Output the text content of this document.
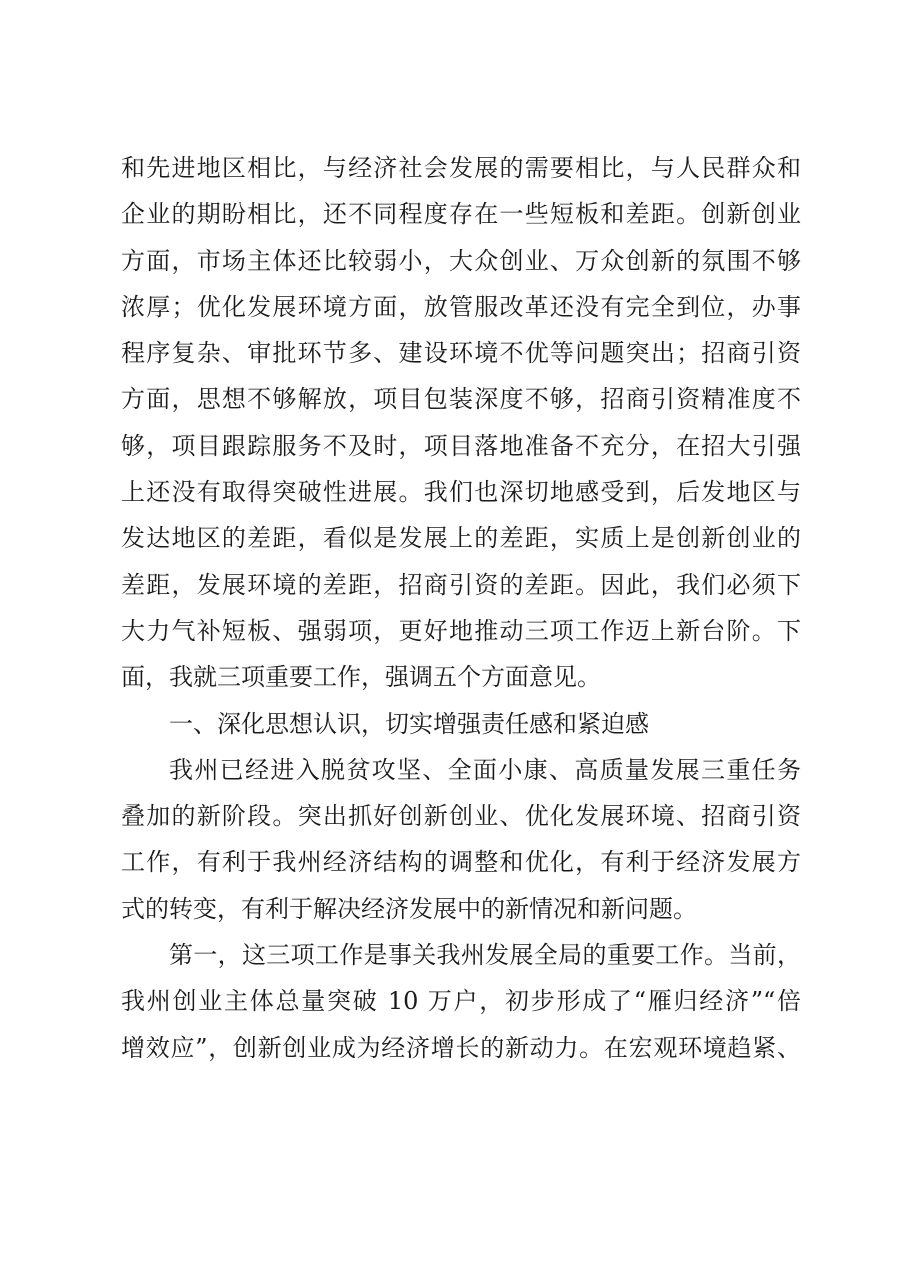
和先进地区相比，与经济社会发展的需要相比，与人民群众和

企业的期盼相比，还不同程度存在一些短板和差距。创新创业

方面，市场主体还比较弱小，大众创业、万众创新的氛围不够

浓厚；优化发展环境方面，放管服改革还没有完全到位，办事

程序复杂、审批环节多、建设环境不优等问题突出；招商引资

方面，思想不够解放，项目包装深度不够，招商引资精准度不

够，项目跟踪服务不及时，项目落地准备不充分，在招大引强

上还没有取得突破性进展。我们也深切地感受到，后发地区与

发达地区的差距，看似是发展上的差距，实质上是创新创业的

差距，发展环境的差距，招商引资的差距。因此，我们必须下

大力气补短板、强弱项，更好地推动三项工作迈上新台阶。下

面，我就三项重要工作，强调五个方面意见。

一、深化思想认识，切实增强责任感和紧迫感

我州已经进入脱贫攻坚、全面小康、高质量发展三重任务

叠加的新阶段。突出抓好创新创业、优化发展环境、招商引资

工作，有利于我州经济结构的调整和优化，有利于经济发展方

式的转变，有利于解决经济发展中的新情况和新问题。

第一，这三项工作是事关我州发展全局的重要工作。当前，

我州创业主体总量突破 10 万户，初步形成了“雁归经济”“倍

增效应”，创新创业成为经济增长的新动力。在宏观环境趋紧、
